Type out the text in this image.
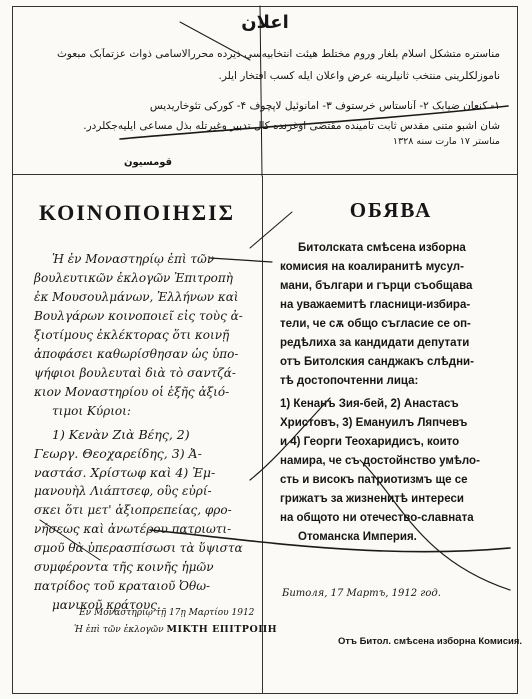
اعلان
مناستره متشکل اسلام بلغار وروم مختلط هیئت انتخابیه‌سی ذیرده محررالاسامی ذوات عزتمآبک مبعوث
ناموزلکلرینی منتخب ثانیلرینه عرض واعلان ایله کسب افتخار ایلر.
۱- کنعان ضیابک ۲- آناستاس خرستوف ۳- امانوئیل لاپچوف ۴- کورکی تئوخاریدیس
شان اشبو متنی مقدس ثابت تامینده مقتضی اوغرنده کال تدبیر وغیرتله بذل مساعی ایلیه‌جکلردر.
مناستر ۱۷ مارت سنه ۱۳۲۸
قومسیون
ΚΟΙΝΟΠΟΙΗΣΙΣ
Ἡ ἐν Μοναστηρίῳ ἐπὶ τῶν
βουλευτικῶν ἐκλογῶν Ἐπιτροπὴ
ἐκ Μουσουλμάνων, Ἑλλήνων καὶ
Βουλγάρων κοινοποιεῖ εἰς τοὺς ἀ-
ξιοτίμους ἐκλέκτορας ὅτι κοινῇ
ἀποφάσει καθωρίσθησαν ὡς ὑπο-
ψήφιοι βουλευταὶ διὰ τὸ σαντζά-
κιον Μοναστηρίου οἱ ἑξῆς ἀξιό-
τιμοι Κύριοι:
1) Κενὰν Ζιὰ Βέης, 2)
Γεωργ. Θεοχαρείδης, 3) Ἀ-
ναστάσ. Χρίστωφ καὶ 4) Ἐμ-
μανουὴλ Λιάπτσεφ, οὓς εὐρί-
σκει ὅτι μετ' ἀξιοπρεπείας, φρο-
νήσεως καὶ ἀνωτέρου πατριωτι-
σμοῦ θὰ ὑπερασπίσωσι τὰ ὕψιστα
συμφέροντα τῆς κοινῆς ἡμῶν
πατρίδος τοῦ κραταιοῦ Ὀθω-
μανικοῦ κράτους.
Ἐν Μοναστηρίῳ τῇ 17ῃ Μαρτίου 1912
Ἡ ἐπὶ τῶν ἐκλογῶν ΜΙΚΤΗ ΕΠΙΤΡΟΠΗ
ОБЯВА
Битолската смѣсена изборна
комисия на коалиранитѣ мусул-
мани, българи и гърци съобщава
на уважаемитѣ гласници-избира-
тели, че сѫ общо съгласие се оп-
редѣлиха за кандидати депутати
отъ Битолския санджакъ слѣдни-
тѣ достопочтенни лица:
1) Кенанъ Зия-бей, 2) Анастасъ
Христовъ, 3) Емануилъ Ляпчевъ
и 4) Георги Теохаридисъ, които
намира, че съ достойнство умѣло-
сть и високъ патриотизмъ ще се
грижатъ за жизненитѣ интереси
на общото ни отечество-славната
Отоманска Империя.
Битоля, 17 Мартъ, 1912 год.
Отъ Битол. смѣсена изборна Комисия.
